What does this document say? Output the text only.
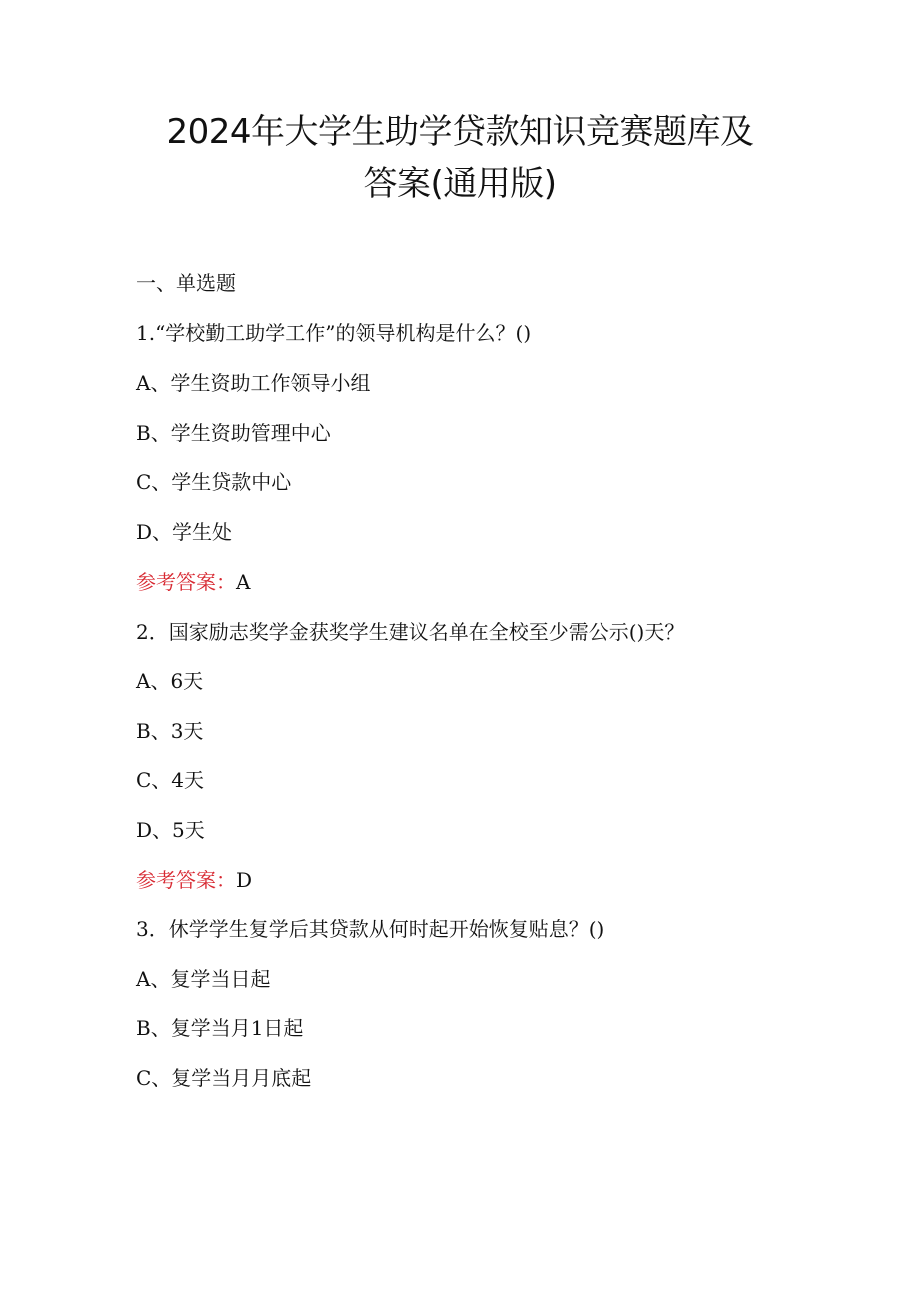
2024年大学生助学贷款知识竞赛题库及
答案(通用版)
一、单选题
1.“学校勤工助学工作”的领导机构是什么？()
A、学生资助工作领导小组
B、学生资助管理中心
C、学生贷款中心
D、学生处
参考答案：A
2．国家励志奖学金获奖学生建议名单在全校至少需公示()天？
A、6天
B、3天
C、4天
D、5天
参考答案：D
3．休学学生复学后其贷款从何时起开始恢复贴息？()
A、复学当日起
B、复学当月1日起
C、复学当月月底起
